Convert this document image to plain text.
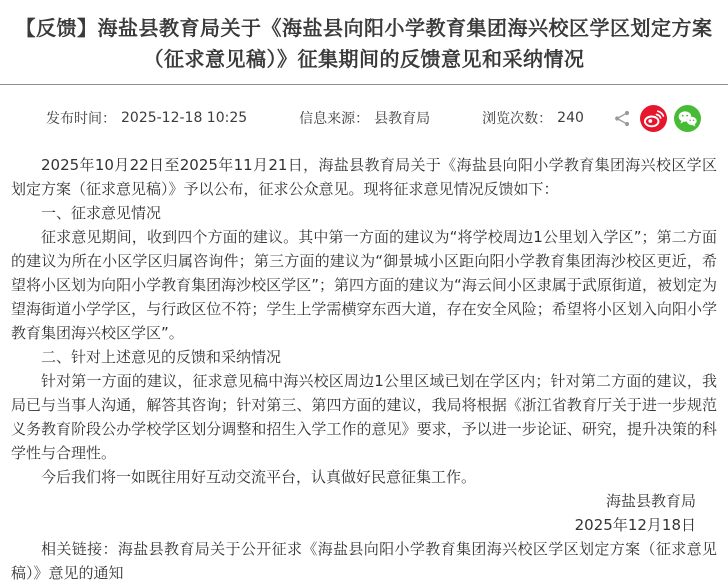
【反馈】海盐县教育局关于《海盐县向阳小学教育集团海兴校区学区划定方案（征求意见稿）》征集期间的反馈意见和采纳情况
发布时间： 2025-12-18 10:25	信息来源： 县教育局	浏览次数： 240

2025年10月22日至2025年11月21日，海盐县教育局关于《海盐县向阳小学教育集团海兴校区学区划定方案（征求意见稿）》予以公布，征求公众意见。现将征求意见情况反馈如下：

一、征求意见情况

征求意见期间，收到四个方面的建议。其中第一方面的建议为“将学校周边1公里划入学区”；第二方面的建议为所在小区学区归属咨询件；第三方面的建议为“御景城小区距向阳小学教育集团海沙校区更近，希望将小区划为向阳小学教育集团海沙校区学区”；第四方面的建议为“海云间小区隶属于武原街道，被划定为望海街道小学学区，与行政区位不符；学生上学需横穿东西大道，存在安全风险；希望将小区划入向阳小学教育集团海兴校区学区”。

二、针对上述意见的反馈和采纳情况

针对第一方面的建议，征求意见稿中海兴校区周边1公里区域已划在学区内；针对第二方面的建议，我局已与当事人沟通，解答其咨询；针对第三、第四方面的建议，我局将根据《浙江省教育厅关于进一步规范义务教育阶段公办学校学区划分调整和招生入学工作的意见》要求，予以进一步论证、研究，提升决策的科学性与合理性。

今后我们将一如既往用好互动交流平台，认真做好民意征集工作。

海盐县教育局

2025年12月18日

相关链接：海盐县教育局关于公开征求《海盐县向阳小学教育集团海兴校区学区划定方案（征求意见稿）》意见的通知
